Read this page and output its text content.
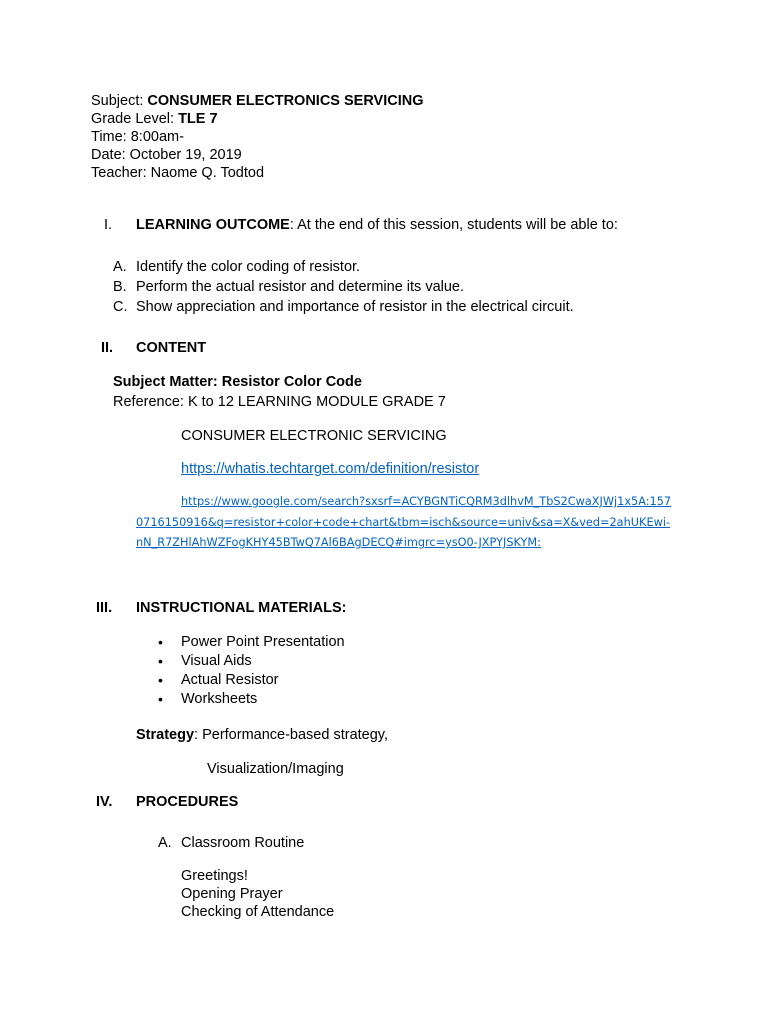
Subject: CONSUMER ELECTRONICS SERVICING
Grade Level: TLE 7
Time: 8:00am-
Date: October 19, 2019
Teacher: Naome Q. Todtod
I. LEARNING OUTCOME: At the end of this session, students will be able to:
A. Identify the color coding of resistor.
B. Perform the actual resistor and determine its value.
C. Show appreciation and importance of resistor in the electrical circuit.
II. CONTENT
Subject Matter: Resistor Color Code
Reference: K to 12 LEARNING MODULE GRADE 7
CONSUMER ELECTRONIC SERVICING
https://whatis.techtarget.com/definition/resistor
https://www.google.com/search?sxsrf=ACYBGNTiCQRM3dlhvM_TbS2CwaXJWj1x5A:157
0716150916&q=resistor+color+code+chart&tbm=isch&source=univ&sa=X&ved=2ahUKEwi-
nN_R7ZHlAhWZFogKHY45BTwQ7Al6BAgDECQ#imgrc=ysO0-JXPYJSKYM:
III. INSTRUCTIONAL MATERIALS:
• Power Point Presentation
• Visual Aids
• Actual Resistor
• Worksheets
Strategy: Performance-based strategy,
Visualization/Imaging
IV. PROCEDURES
A. Classroom Routine
Greetings!
Opening Prayer
Checking of Attendance
